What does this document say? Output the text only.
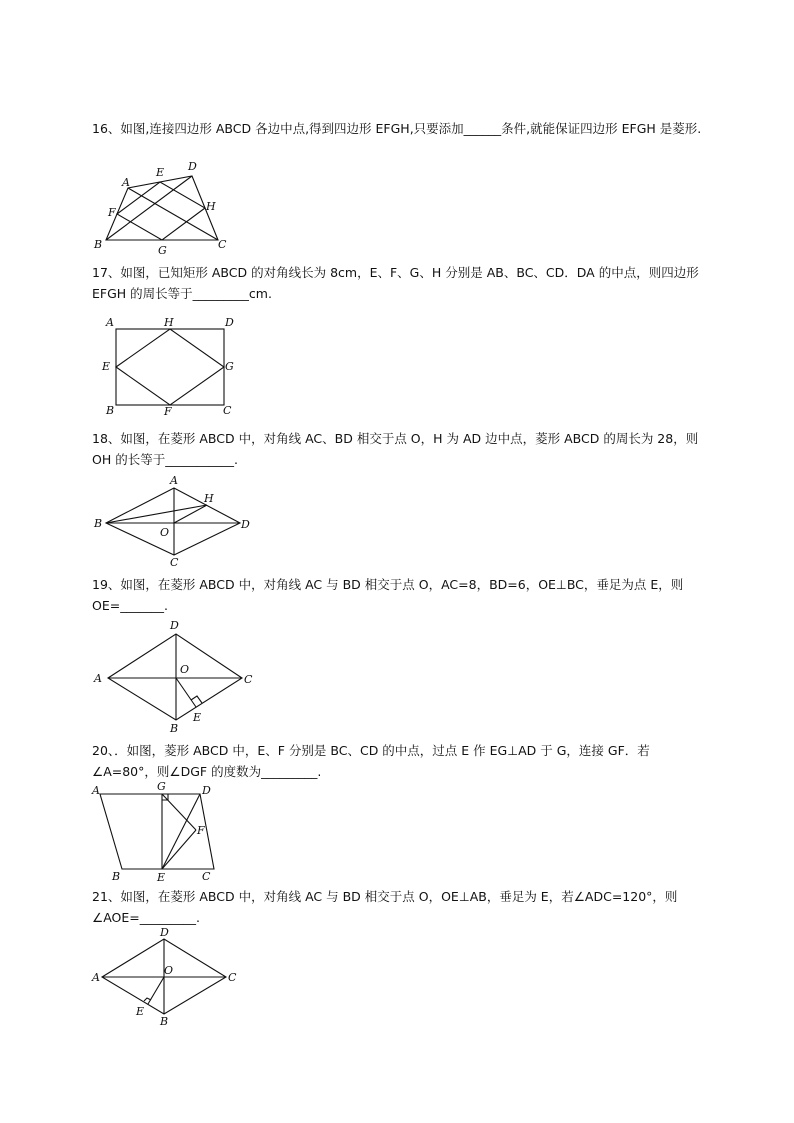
16、如图,连接四边形 ABCD 各边中点,得到四边形 EFGH,只要添加______条件,就能保证四边形 EFGH 是菱形.
A
B	C
D
E
F
G
H
17、如图，已知矩形 ABCD 的对角线长为 8cm，E、F、G、H 分别是 AB、BC、CD．DA 的中点，则四边形 EFGH 的周长等于_________cm.
A	H	D
E	G
B	F	C
18、如图，在菱形 ABCD 中，对角线 AC、BD 相交于点 O，H 为 AD 边中点，菱形 ABCD 的周长为 28，则 OH 的长等于___________.
A
H
B	D
O
C
19、如图，在菱形 ABCD 中，对角线 AC 与 BD 相交于点 O，AC=8，BD=6，OE⊥BC，垂足为点 E，则 OE=_______.
D
A	C
O
B
E
20、．如图，菱形 ABCD 中，E、F 分别是 BC、CD 的中点，过点 E 作 EG⊥AD 于 G，连接 GF．若∠A=80°，则∠DGF 的度数为_________.
A	G	D
F
B	E	C
21、如图，在菱形 ABCD 中，对角线 AC 与 BD 相交于点 O，OE⊥AB，垂足为 E，若∠ADC=120°，则∠AOE=_________.
D
A	C
O
E
B
